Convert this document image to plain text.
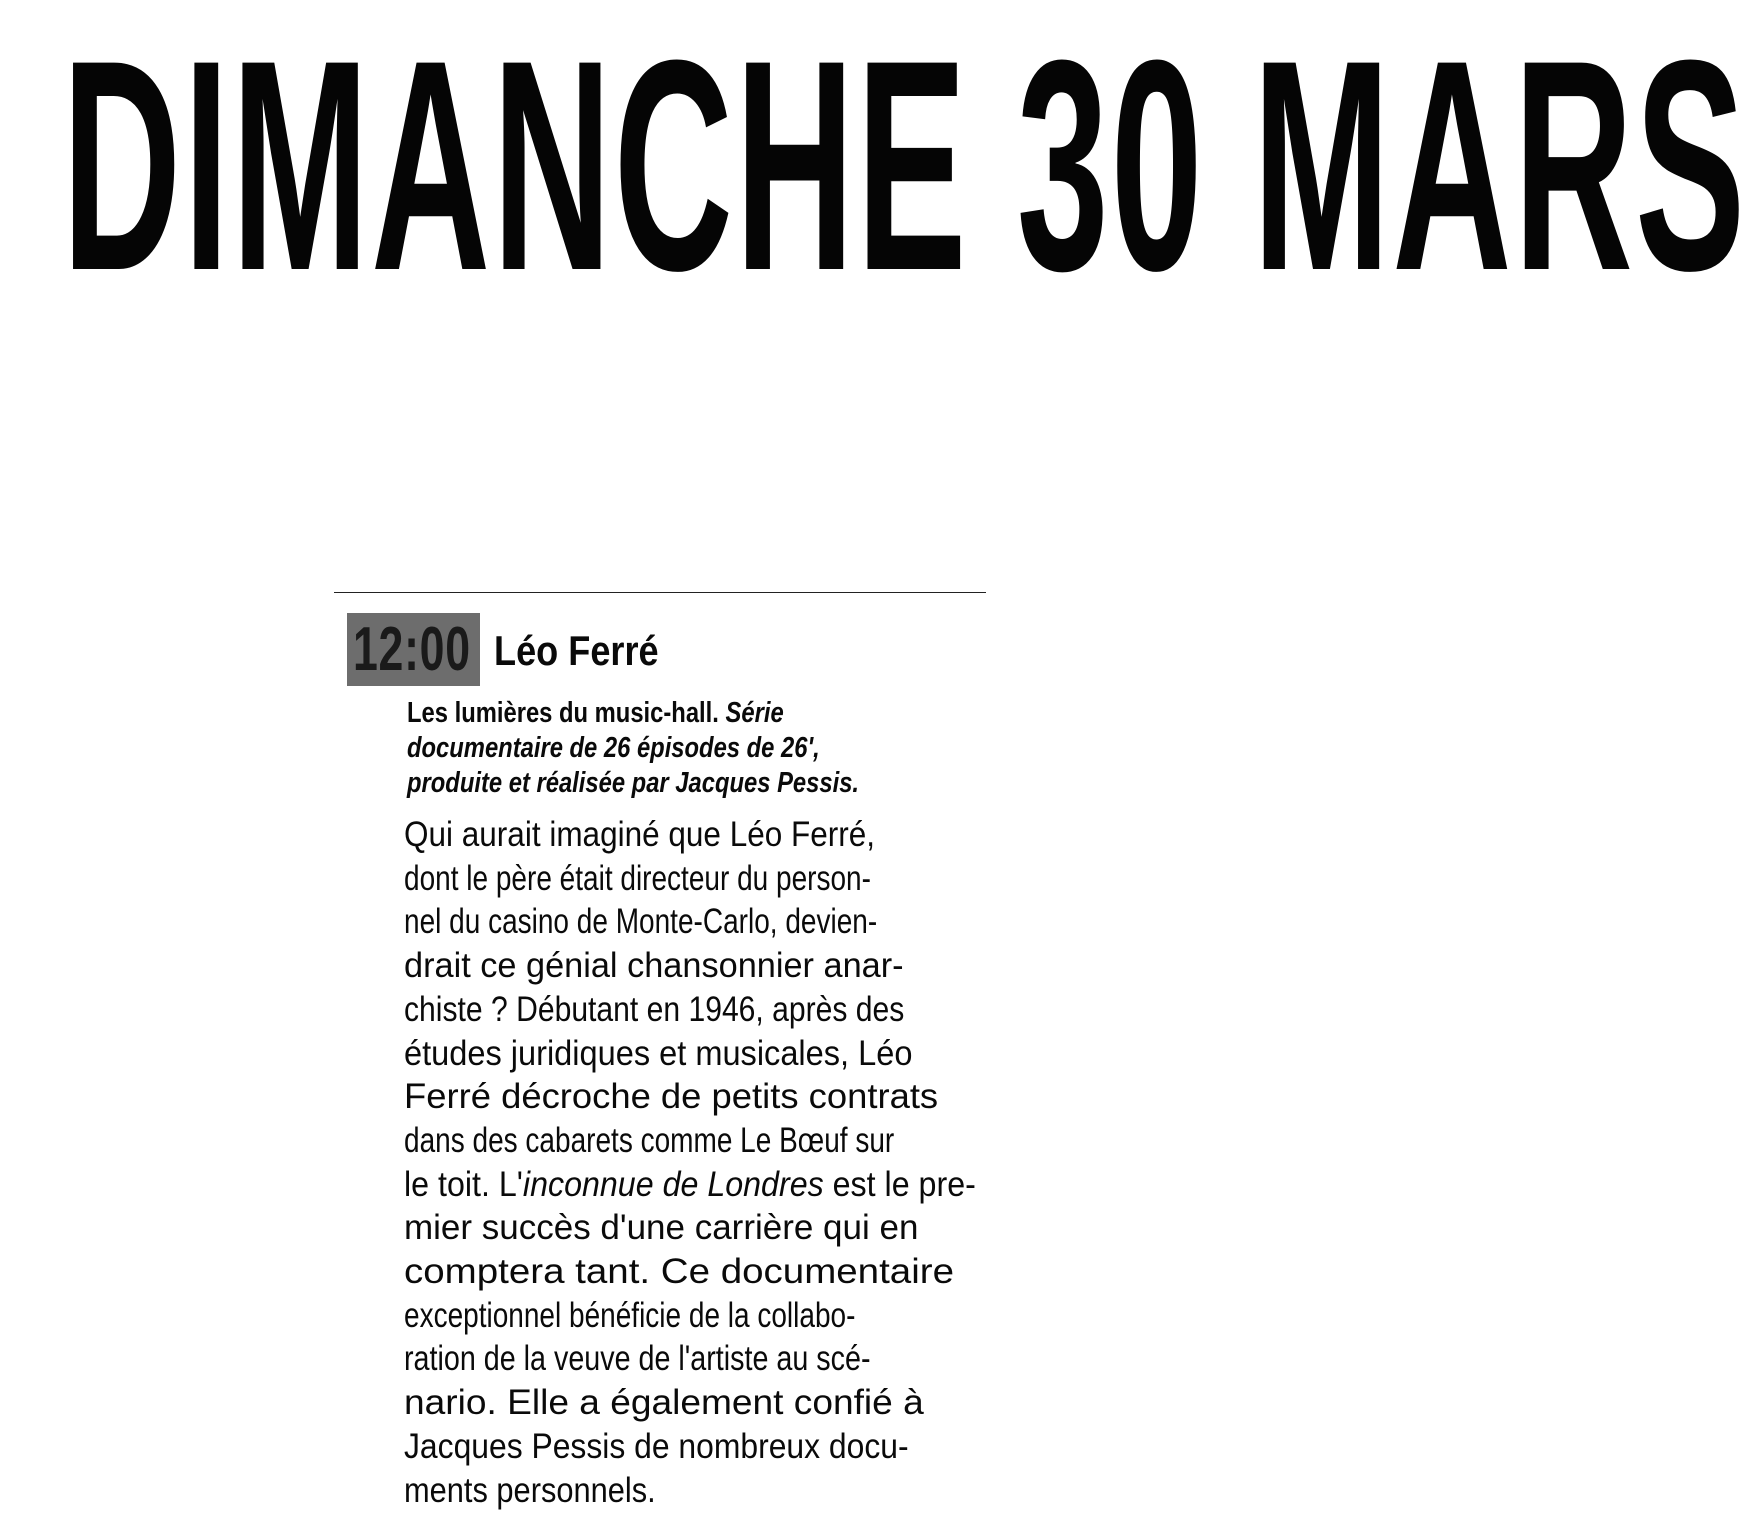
DIMANCHE 30 MARS
12:00 Léo Ferré

Les lumières du music-hall. Série
documentaire de 26 épisodes de 26',
produite et réalisée par Jacques Pessis.

Qui aurait imaginé que Léo Ferré,
dont le père était directeur du person-
nel du casino de Monte-Carlo, devien-
drait ce génial chansonnier anar-
chiste ? Débutant en 1946, après des
études juridiques et musicales, Léo
Ferré décroche de petits contrats
dans des cabarets comme Le Bœuf sur
le toit. L'inconnue de Londres est le pre-
mier succès d'une carrière qui en
comptera tant. Ce documentaire
exceptionnel bénéficie de la collabo-
ration de la veuve de l'artiste au scé-
nario. Elle a également confié à
Jacques Pessis de nombreux docu-
ments personnels.
